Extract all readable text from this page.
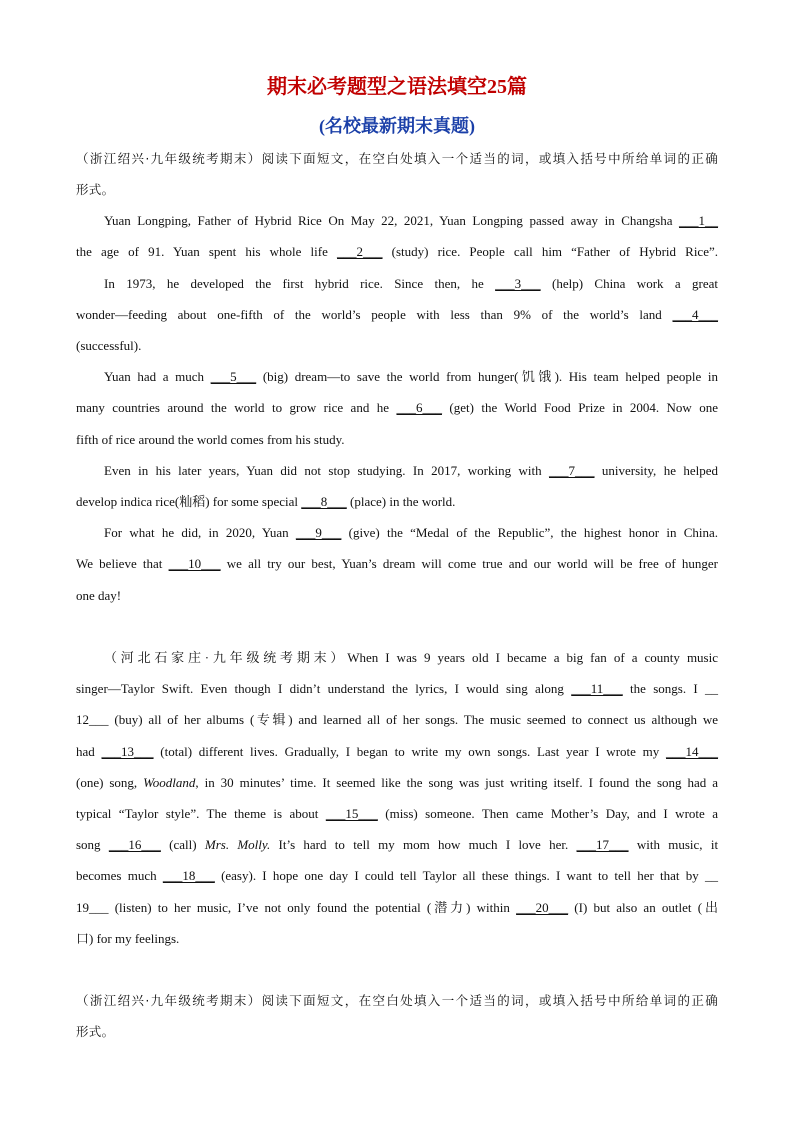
期末必考题型之语法填空25篇
(名校最新期末真题)
（浙江绍兴·九年级统考期末）阅读下面短文，在空白处填入一个适当的词，或填入括号中所给单词的正确
形式。
Yuan Longping, Father of Hybrid Rice On May 22, 2021, Yuan Longping passed away in Changsha ___1__
the age of 91. Yuan spent his whole life ___2___ (study) rice. People call him “Father of Hybrid Rice”.
In 1973, he developed the first hybrid rice. Since then, he ___3___ (help) China work a great
wonder—feeding about one-fifth of the world’s people with less than 9% of the world’s land ___4___
(successful).
Yuan had a much ___5___ (big) dream—to save the world from hunger(饥饿). His team helped people in
many countries around the world to grow rice and he ___6___ (get) the World Food Prize in 2004. Now one
fifth of rice around the world comes from his study.
Even in his later years, Yuan did not stop studying. In 2017, working with ___7___ university, he helped
develop indica rice(籼稻) for some special ___8___ (place) in the world.
For what he did, in 2020, Yuan ___9___ (give) the “Medal of the Republic”, the highest honor in China.
We believe that ___10___ we all try our best, Yuan’s dream will come true and our world will be free of hunger
one day!
（河北石家庄·九年级统考期末）When I was 9 years old I became a big fan of a county music
singer—Taylor Swift. Even though I didn’t understand the lyrics, I would sing along ___11___ the songs. I __
12___ (buy) all of her albums (专辑) and learned all of her songs. The music seemed to connect us although we
had ___13___ (total) different lives. Gradually, I began to write my own songs. Last year I wrote my ___14___
(one) song, Woodland, in 30 minutes’ time. It seemed like the song was just writing itself. I found the song had a
typical “Taylor style”. The theme is about ___15___ (miss) someone. Then came Mother’s Day, and I wrote a
song ___16___ (call) Mrs. Molly. It’s hard to tell my mom how much I love her. ___17___ with music, it
becomes much ___18___ (easy). I hope one day I could tell Taylor all these things. I want to tell her that by __
19___ (listen) to her music, I’ve not only found the potential (潜力) within ___20___ (I) but also an outlet (出
口) for my feelings.
（浙江绍兴·九年级统考期末）阅读下面短文，在空白处填入一个适当的词，或填入括号中所给单词的正确
形式。
